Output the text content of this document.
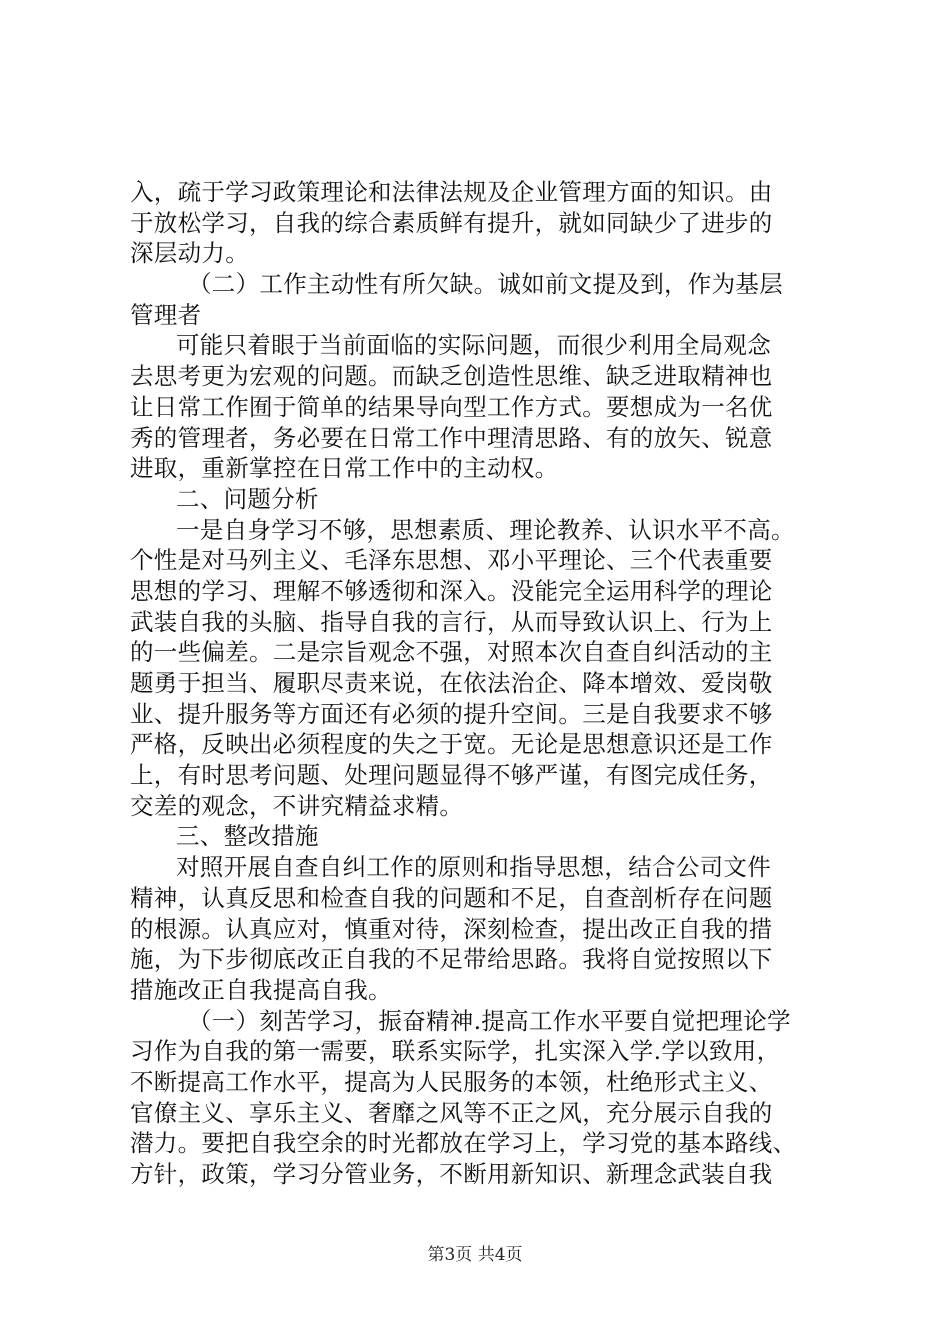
入，疏于学习政策理论和法律法规及企业管理方面的知识。由
于放松学习，自我的综合素质鲜有提升，就如同缺少了进步的
深层动力。
（二）工作主动性有所欠缺。诚如前文提及到，作为基层
管理者
可能只着眼于当前面临的实际问题，而很少利用全局观念
去思考更为宏观的问题。而缺乏创造性思维、缺乏进取精神也
让日常工作囿于简单的结果导向型工作方式。要想成为一名优
秀的管理者，务必要在日常工作中理清思路、有的放矢、锐意
进取，重新掌控在日常工作中的主动权。
二、问题分析
一是自身学习不够，思想素质、理论教养、认识水平不高。
个性是对马列主义、毛泽东思想、邓小平理论、三个代表重要
思想的学习、理解不够透彻和深入。没能完全运用科学的理论
武装自我的头脑、指导自我的言行，从而导致认识上、行为上
的一些偏差。二是宗旨观念不强，对照本次自查自纠活动的主
题勇于担当、履职尽责来说，在依法治企、降本增效、爱岗敬
业、提升服务等方面还有必须的提升空间。三是自我要求不够
严格，反映出必须程度的失之于宽。无论是思想意识还是工作
上，有时思考问题、处理问题显得不够严谨，有图完成任务，
交差的观念，不讲究精益求精。
三、整改措施
对照开展自查自纠工作的原则和指导思想，结合公司文件
精神，认真反思和检查自我的问题和不足，自查剖析存在问题
的根源。认真应对，慎重对待，深刻检查，提出改正自我的措
施，为下步彻底改正自我的不足带给思路。我将自觉按照以下
措施改正自我提高自我。
（一）刻苦学习，振奋精神.提高工作水平要自觉把理论学
习作为自我的第一需要，联系实际学，扎实深入学.学以致用，
不断提高工作水平，提高为人民服务的本领，杜绝形式主义、
官僚主义、享乐主义、奢靡之风等不正之风，充分展示自我的
潜力。要把自我空余的时光都放在学习上，学习党的基本路线、
方针，政策，学习分管业务，不断用新知识、新理念武装自我
第3页 共4页
